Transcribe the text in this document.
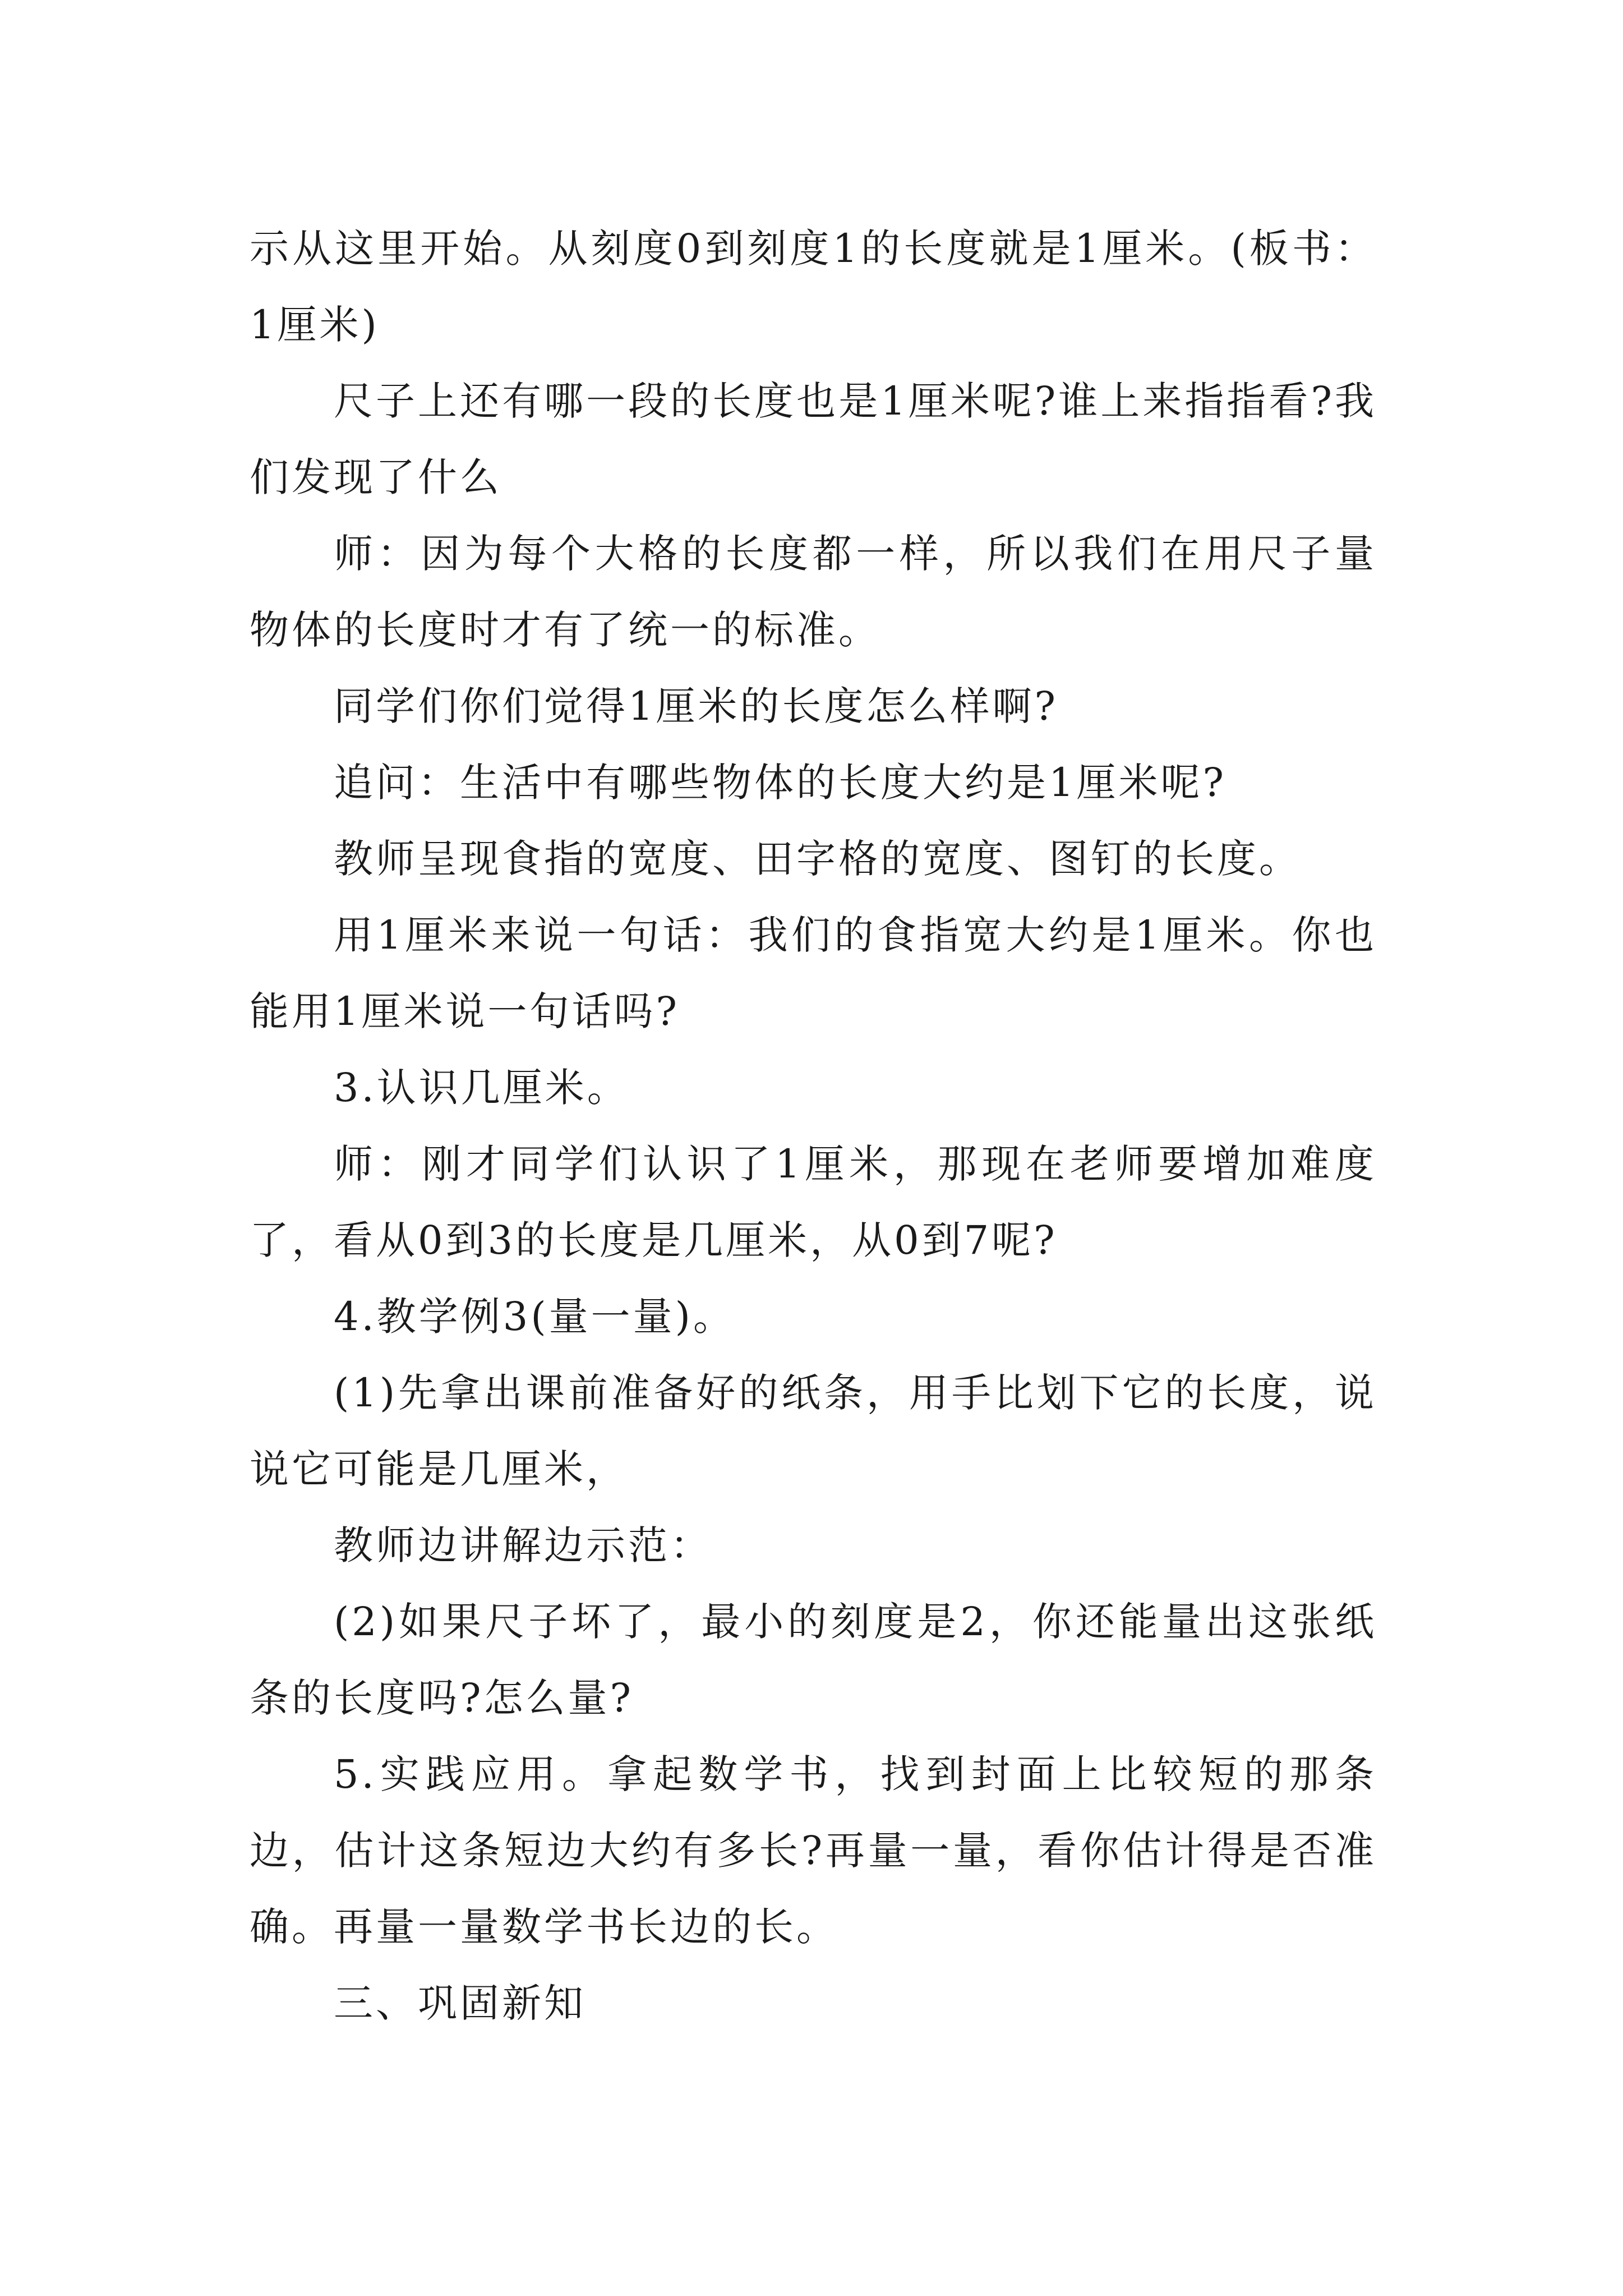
示从这里开始。从刻度0到刻度1的长度就是1厘米。(板书：1厘米)

尺子上还有哪一段的长度也是1厘米呢?谁上来指指看?我们发现了什么

师：因为每个大格的长度都一样，所以我们在用尺子量物体的长度时才有了统一的标准。

同学们你们觉得1厘米的长度怎么样啊?

追问：生活中有哪些物体的长度大约是1厘米呢?

教师呈现食指的宽度、田字格的宽度、图钉的长度。

用1厘米来说一句话：我们的食指宽大约是1厘米。你也能用1厘米说一句话吗?

3.认识几厘米。

师：刚才同学们认识了1厘米，那现在老师要增加难度了，看从0到3的长度是几厘米，从0到7呢?

4.教学例3(量一量)。

(1)先拿出课前准备好的纸条，用手比划下它的长度，说说它可能是几厘米，

教师边讲解边示范：

(2)如果尺子坏了，最小的刻度是2，你还能量出这张纸条的长度吗?怎么量?

5.实践应用。拿起数学书，找到封面上比较短的那条边，估计这条短边大约有多长?再量一量，看你估计得是否准确。再量一量数学书长边的长。

三、巩固新知
